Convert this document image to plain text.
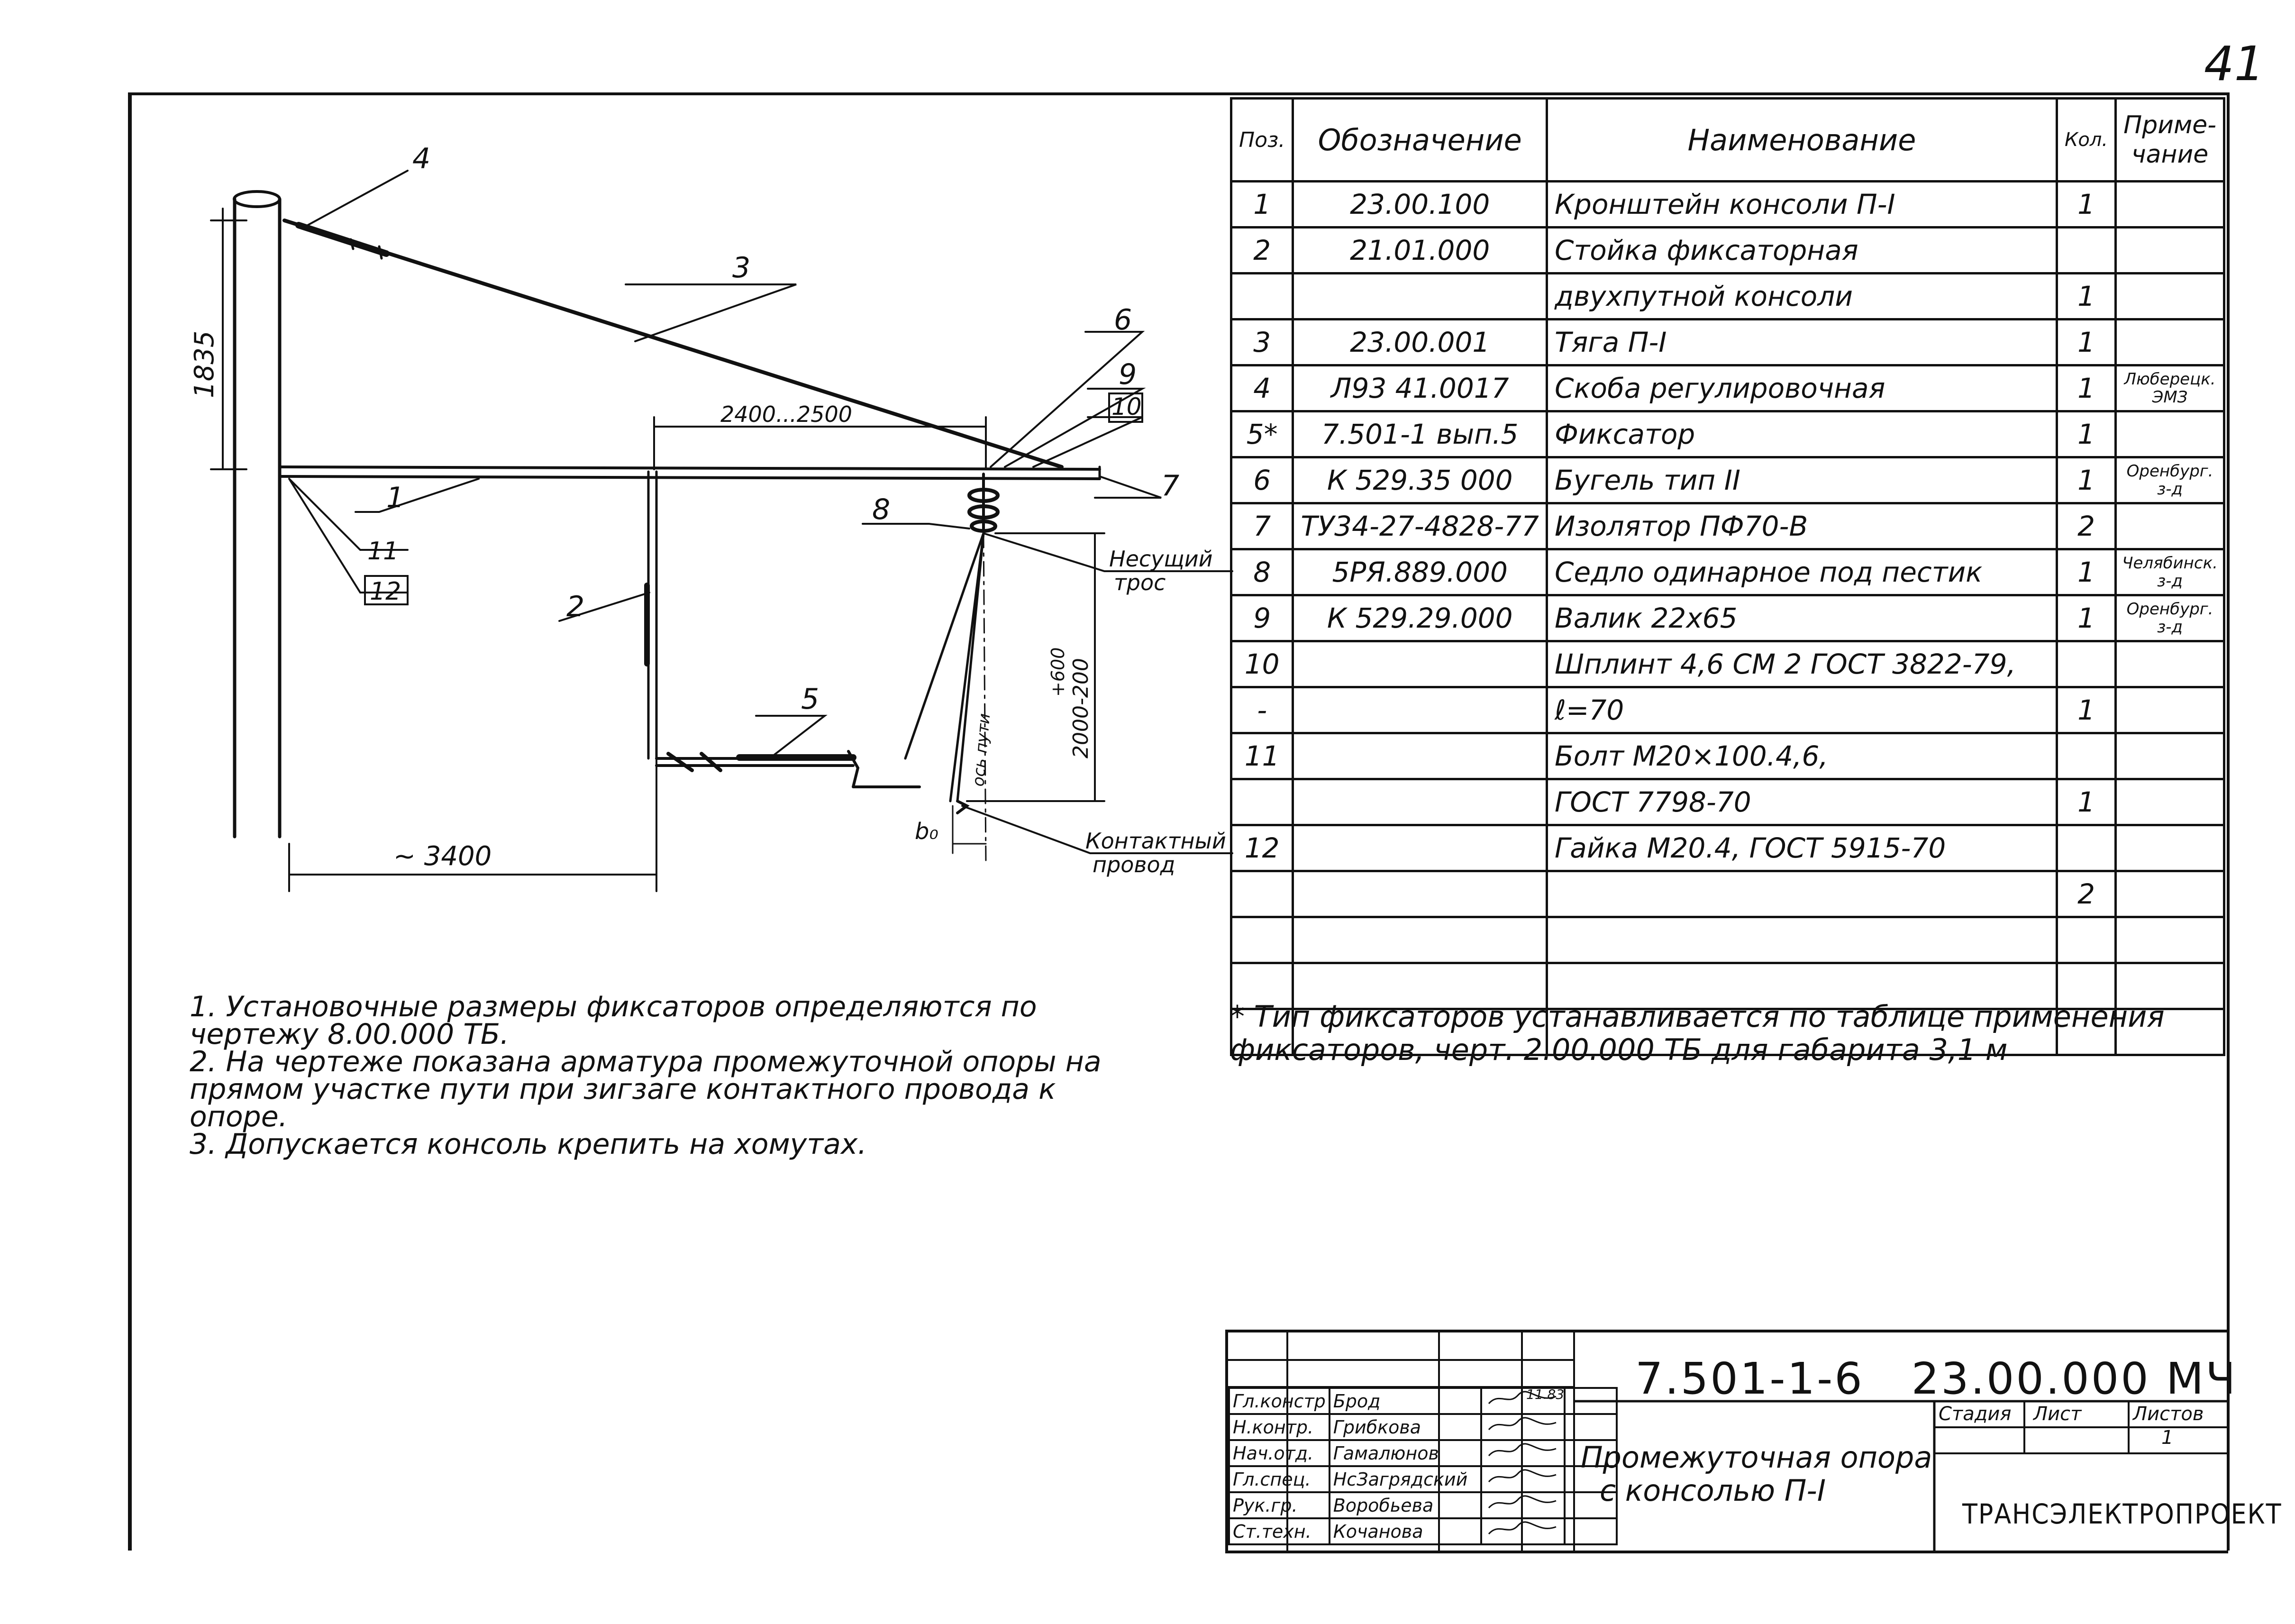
41
4
3
6
9
10
7
8
1
11
12	2
5
1835
2400...2500
~ 3400
2000-200
+600
ось пути
b₀
Несущий
трос
Контактный
провод
Поз.	Обозначение	Наименование	Кол.	Приме-
чание
1	23.00.100	Кронштейн консоли П-I	1	
2	21.01.000	Стойка фиксаторная		
		двухпутной консоли	1	
3	23.00.001	Тяга П-I	1	
4	Л93 41.0017	Скоба регулировочная	1	Люберецк. ЭМЗ
5*	7.501-1 вып.5	Фиксатор	1	
6	К 529.35 000	Бугель тип II	1	Оренбург. з-д
7	ТУ34-27-4828-77	Изолятор ПФ70-В	2	
8	5РЯ.889.000	Седло одинарное под пестик	1	Челябинск. з-д
9	К 529.29.000	Валик 22х65	1	Оренбург. з-д
10		Шплинт 4,6 СМ 2 ГОСТ 3822-79,		
-		ℓ=70	1	
11		Болт М20×100.4,6,		
		ГОСТ 7798-70	1	
12		Гайка М20.4, ГОСТ 5915-70		
			2	

1. Установочные размеры фиксаторов определяются по чертежу 8.00.000 ТБ.

2. На чертеже показана арматура промежуточной опоры на прямом участке пути при зигзаге контактного провода к опоре.

3. Допускается консоль крепить на хомутах.

* Тип фиксаторов устанавливается по таблице применения фиксаторов, черт. 2.00.000 ТБ для габарита 3,1 м
Гл.констр	Брод		
Н.контр.	Грибкова		
Нач.отд.	Гамалюнов		
Гл.спец.	НсЗагрядский		
Рук.гр.	Воробьева		
Ст.техн.	Кочанова		
7.501-1-6 23.00.000 МЧ
Промежуточная опора
с консолью П-I
Стадия Лист	Листов
1
ТРАНСЭЛЕКТРОПРОЕКТ
11.83
